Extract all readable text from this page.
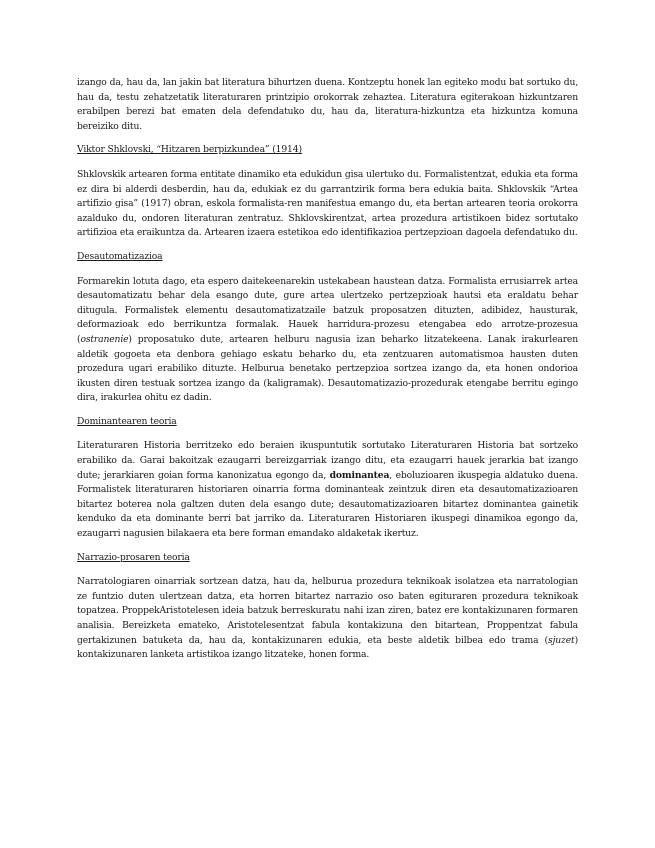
izango da, hau da, lan jakin bat literatura bihurtzen duena. Kontzeptu honek lan egiteko modu bat sortuko du, hau da, testu zehatzetatik literaturaren printzipio orokorrak zehaztea. Literatura egiterakoan hizkuntzaren erabilpen berezi bat ematen dela defendatuko du, hau da, literatura-hizkuntza eta hizkuntza komuna bereiziko ditu.

Viktor Shklovski, “Hitzaren berpizkundea” (1914)

Shklovskik artearen forma entitate dinamiko eta edukidun gisa ulertuko du. Formalistentzat, edukia eta forma ez dira bi alderdi desberdin, hau da, edukiak ez du garrantzirik forma bera edukia baita. Shklovskik “Artea artifizio gisa” (1917) obran, eskola formalista-ren manifestua emango du, eta bertan artearen teoria orokorra azalduko du, ondoren literaturan zentratuz. Shklovskirentzat, artea prozedura artistikoen bidez sortutako artifizioa eta eraikuntza da. Artearen izaera estetikoa edo identifikazioa pertzepzioan dagoela defendatuko du.

Desautomatizazioa

Formarekin lotuta dago, eta espero daitekeenarekin ustekabean haustean datza. Formalista errusiarrek artea desautomatizatu behar dela esango dute, gure artea ulertzeko pertzepzioak hautsi eta eraldatu behar ditugula. Formalistek elementu desautomatizatzaile batzuk proposatzen dituzten, adibidez, hausturak, deformazioak edo berrikuntza formalak. Hauek harridura-prozesu etengabea edo arrotze-prozesua (ostranenie) proposatuko dute, artearen helburu nagusia izan beharko litzatekeena. Lanak irakurlearen aldetik gogoeta eta denbora gehiago eskatu beharko du, eta zentzuaren automatismoa hausten duten prozedura ugari erabiliko dituzte. Helburua benetako pertzepzioa sortzea izango da, eta honen ondorioa ikusten diren testuak sortzea izango da (kaligramak). Desautomatizazio-prozedurak etengabe berritu egingo dira, irakurlea ohitu ez dadin.

Dominantearen teoria

Literaturaren Historia berritzeko edo beraien ikuspuntutik sortutako Literaturaren Historia bat sortzeko erabiliko da. Garai bakoitzak ezaugarri bereizgarriak izango ditu, eta ezaugarri hauek jerarkia bat izango dute; jerarkiaren goian forma kanonizatua egongo da, dominantea, eboluzioaren ikuspegia aldatuko duena. Formalistek literaturaren historiaren oinarria forma dominanteak zeintzuk diren eta desautomatizazioaren bitartez boterea nola galtzen duten dela esango dute; desautomatizazioaren bitartez dominantea gainetik kenduko da eta dominante berri bat jarriko da. Literaturaren Historiaren ikuspegi dinamikoa egongo da, ezaugarri nagusien bilakaera eta bere forman emandako aldaketak ikertuz.

Narrazio-prosaren teoria

Narratologiaren oinarriak sortzean datza, hau da, helburua prozedura teknikoak isolatzea eta narratologian ze funtzio duten ulertzean datza, eta horren bitartez narrazio oso baten egituraren prozedura teknikoak topatzea. ProppekAristotelesen ideia batzuk berreskuratu nahi izan ziren, batez ere kontakizunaren formaren analisia. Bereizketa emateko, Aristotelesentzat fabula kontakizuna den bitartean, Proppentzat fabula gertakizunen batuketa da, hau da, kontakizunaren edukia, eta beste aldetik bilbea edo trama (sjuzet) kontakizunaren lanketa artistikoa izango litzateke, honen forma.
